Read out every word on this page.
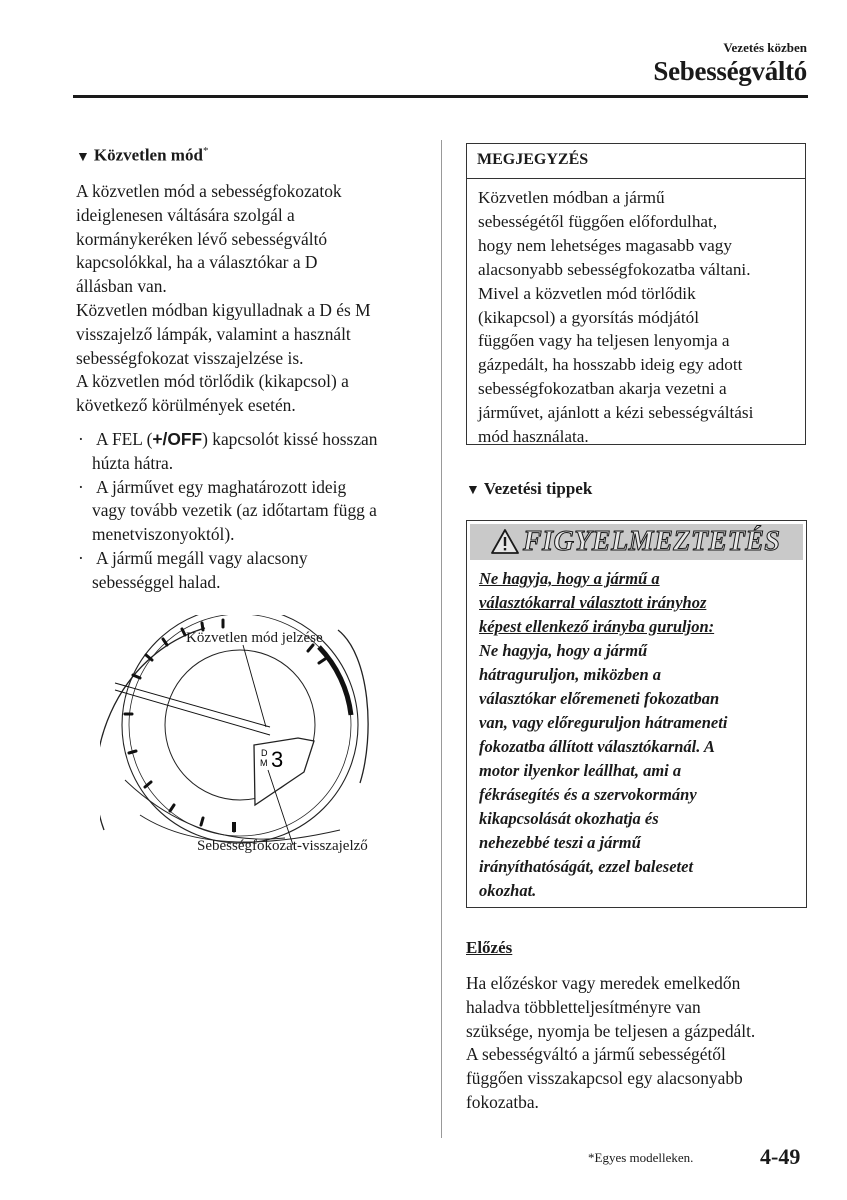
Vezetés közben
Sebességváltó
▼ Közvetlen mód*
A közvetlen mód a sebességfokozatok
ideiglenesen váltására szolgál a
kormánykeréken lévő sebességváltó
kapcsolókkal, ha a választókar a D
állásban van.
Közvetlen módban kigyulladnak a D és M
visszajelző lámpák, valamint a használt
sebességfokozat visszajelzése is.
A közvetlen mód törlődik (kikapcsol) a
következő körülmények esetén.
· A FEL (+/OFF) kapcsolót kissé hosszan
húzta hátra.
· A járművet egy maghatározott ideig
vagy tovább vezetik (az időtartam függ a
menetviszonyoktól).
· A jármű megáll vagy alacsony
sebességgel halad.
D
M 3
Közvetlen mód jelzése
Sebességfokozat-visszajelző
MEGJEGYZÉS
Közvetlen módban a jármű
sebességétől függően előfordulhat,
hogy nem lehetséges magasabb vagy
alacsonyabb sebességfokozatba váltani.
Mivel a közvetlen mód törlődik
(kikapcsol) a gyorsítás módjától
függően vagy ha teljesen lenyomja a
gázpedált, ha hosszabb ideig egy adott
sebességfokozatban akarja vezetni a
járművet, ajánlott a kézi sebességváltási
mód használata.
▼ Vezetési tippek
FIGYELMEZTETÉS
Ne hagyja, hogy a jármű a
választókarral választott irányhoz
képest ellenkező irányba guruljon:
Ne hagyja, hogy a jármű
hátraguruljon, miközben a
választókar előremeneti fokozatban
van, vagy előreguruljon hátrameneti
fokozatba állított választókarnál. A
motor ilyenkor leállhat, ami a
fékrásegítés és a szervokormány
kikapcsolását okozhatja és
nehezebbé teszi a jármű
irányíthatóságát, ezzel balesetet
okozhat.
Előzés
Ha előzéskor vagy meredek emelkedőn
haladva többletteljesítményre van
szüksége, nyomja be teljesen a gázpedált.
A sebességváltó a jármű sebességétől
függően visszakapcsol egy alacsonyabb
fokozatba.
*Egyes modelleken.	4-49
